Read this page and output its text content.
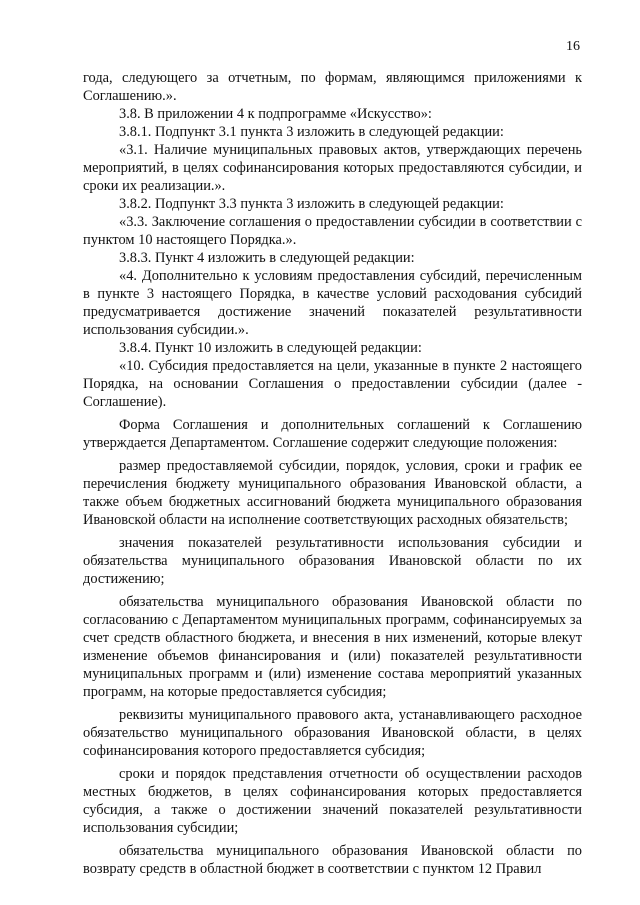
16

года, следующего за отчетным, по формам, являющимся приложениями к Соглашению.».

3.8. В приложении 4 к подпрограмме «Искусство»:

3.8.1. Подпункт 3.1 пункта 3 изложить в следующей редакции:

«3.1. Наличие муниципальных правовых актов, утверждающих перечень мероприятий, в целях софинансирования которых предоставляются субсидии, и сроки их реализации.».

3.8.2. Подпункт 3.3 пункта 3 изложить в следующей редакции:

«3.3. Заключение соглашения о предоставлении субсидии в соответствии с пунктом 10 настоящего Порядка.».

3.8.3. Пункт 4 изложить в следующей редакции:

«4. Дополнительно к условиям предоставления субсидий, перечисленным в пункте 3 настоящего Порядка, в качестве условий расходования субсидий предусматривается достижение значений показателей результативности использования субсидии.».

3.8.4. Пункт 10 изложить в следующей редакции:

«10. Субсидия предоставляется на цели, указанные в пункте 2 настоящего Порядка, на основании Соглашения о предоставлении субсидии (далее - Соглашение).

Форма Соглашения и дополнительных соглашений к Соглашению утверждается Департаментом. Соглашение содержит следующие положения:

размер предоставляемой субсидии, порядок, условия, сроки и график ее перечисления бюджету муниципального образования Ивановской области, а также объем бюджетных ассигнований бюджета муниципального образования Ивановской области на исполнение соответствующих расходных обязательств;

значения показателей результативности использования субсидии и обязательства муниципального образования Ивановской области по их достижению;

обязательства муниципального образования Ивановской области по согласованию с Департаментом муниципальных программ, софинансируемых за счет средств областного бюджета, и внесения в них изменений, которые влекут изменение объемов финансирования и (или) показателей результативности муниципальных программ и (или) изменение состава мероприятий указанных программ, на которые предоставляется субсидия;

реквизиты муниципального правового акта, устанавливающего расходное обязательство муниципального образования Ивановской области, в целях софинансирования которого предоставляется субсидия;

сроки и порядок представления отчетности об осуществлении расходов местных бюджетов, в целях софинансирования которых предоставляется субсидия, а также о достижении значений показателей результативности использования субсидии;

обязательства муниципального образования Ивановской области по возврату средств в областной бюджет в соответствии с пунктом 12 Правил
